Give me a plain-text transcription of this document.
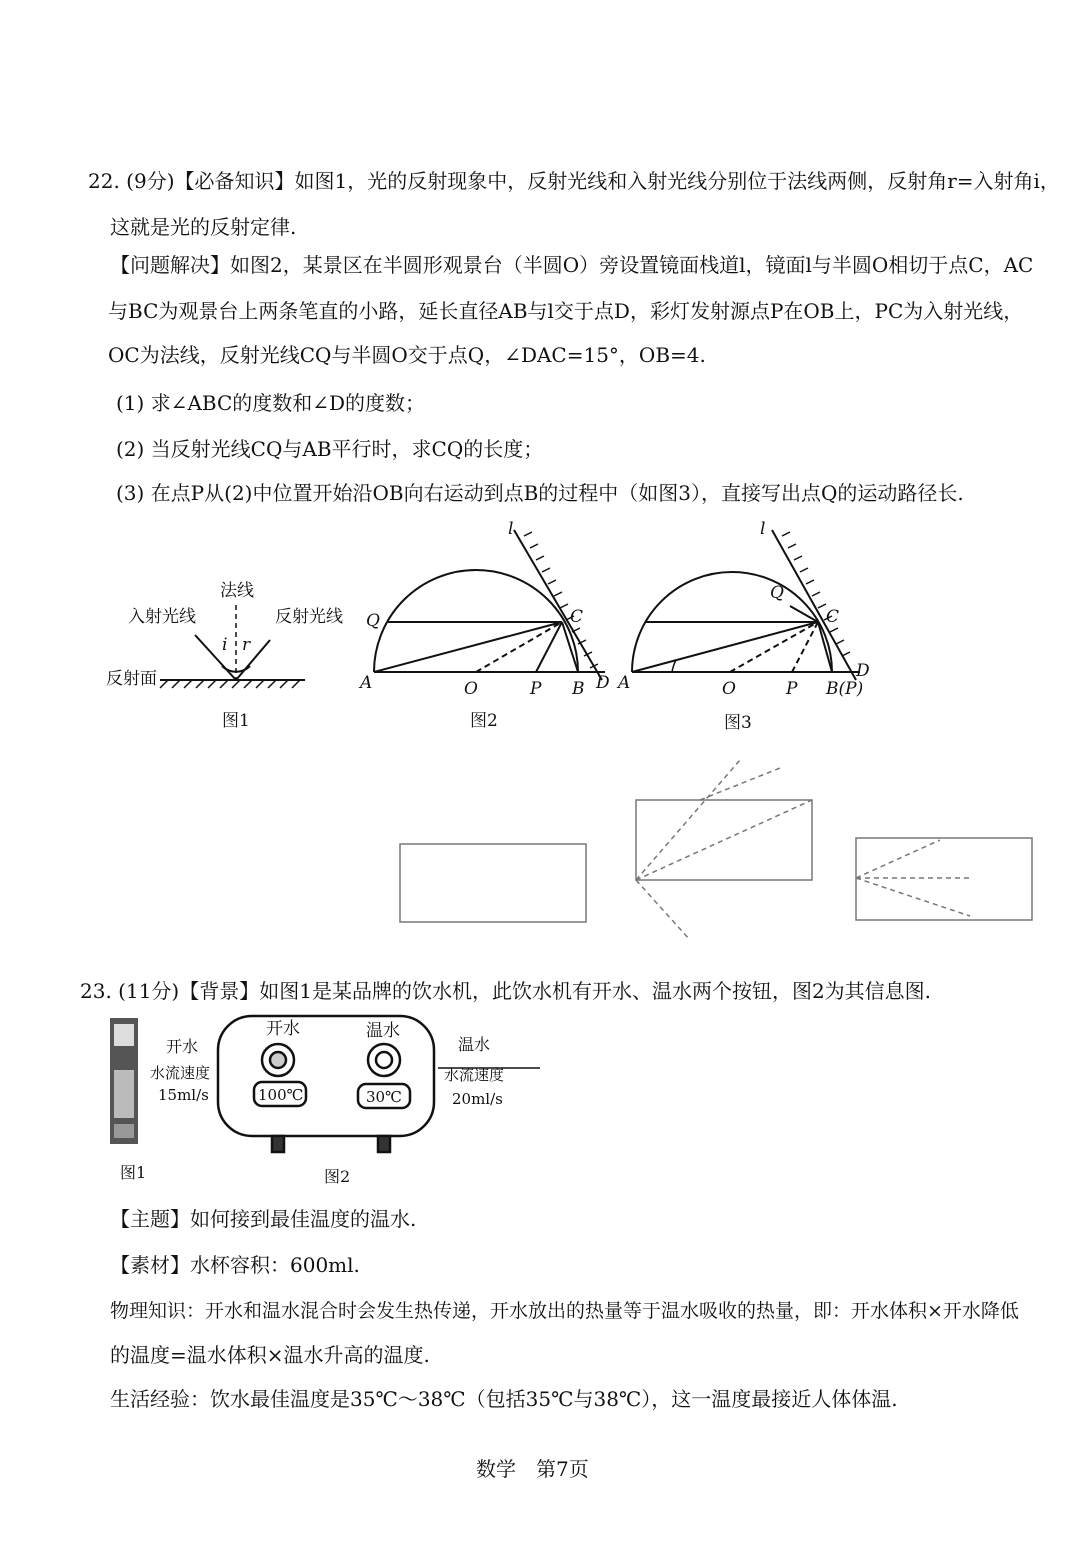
22. (9分)【必备知识】如图1，光的反射现象中，反射光线和入射光线分别位于法线两侧，反射角r=入射角i，
这就是光的反射定律.
【问题解决】如图2，某景区在半圆形观景台（半圆O）旁设置镜面栈道l，镜面l与半圆O相切于点C，AC
与BC为观景台上两条笔直的小路，延长直径AB与l交于点D，彩灯发射源点P在OB上，PC为入射光线，
OC为法线，反射光线CQ与半圆O交于点Q，∠DAC=15°，OB=4.
(1) 求∠ABC的度数和∠D的度数；
(2) 当反射光线CQ与AB平行时，求CQ的长度；
(3) 在点P从(2)中位置开始沿OB向右运动到点B的过程中（如图3），直接写出点Q的运动路径长.
法线
入射光线	反射光线
反射面
i r
图1
l
Q	C
A	O	P B D
图2
l
Q
C
A	O	P B(P)
D
图3
23. (11分)【背景】如图1是某品牌的饮水机，此饮水机有开水、温水两个按钮，图2为其信息图.
开水	温水
100℃	30℃
开水
水流速度
15ml/s
温水
水流速度
20ml/s
图1	图2
【主题】如何接到最佳温度的温水.
【素材】水杯容积：600ml.
物理知识：开水和温水混合时会发生热传递，开水放出的热量等于温水吸收的热量，即：开水体积×开水降低
的温度=温水体积×温水升高的温度.
生活经验：饮水最佳温度是35℃～38℃（包括35℃与38℃），这一温度最接近人体体温.
数学　第7页
